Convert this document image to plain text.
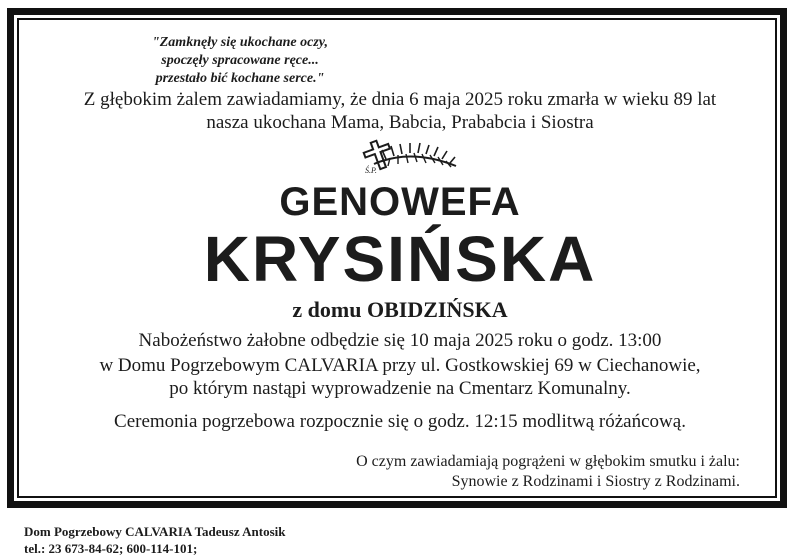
"Zamknęły się ukochane oczy,
spoczęły spracowane ręce...
przestało bić kochane serce."
Z głębokim żalem zawiadamiamy, że dnia 6 maja 2025 roku zmarła w wieku 89 lat
nasza ukochana Mama, Babcia, Prababcia i Siostra
Ś.P.
GENOWEFA
KRYSIŃSKA
z domu OBIDZIŃSKA
Nabożeństwo żałobne odbędzie się 10 maja 2025 roku o godz. 13:00
w Domu Pogrzebowym CALVARIA przy ul. Gostkowskiej 69 w Ciechanowie,
po którym nastąpi wyprowadzenie na Cmentarz Komunalny.
Ceremonia pogrzebowa rozpocznie się o godz. 12:15 modlitwą różańcową.
O czym zawiadamiają pogrążeni w głębokim smutku i żalu:
Synowie z Rodzinami i Siostry z Rodzinami.
Dom Pogrzebowy CALVARIA Tadeusz Antosik
tel.: 23 673-84-62; 600-114-101;
